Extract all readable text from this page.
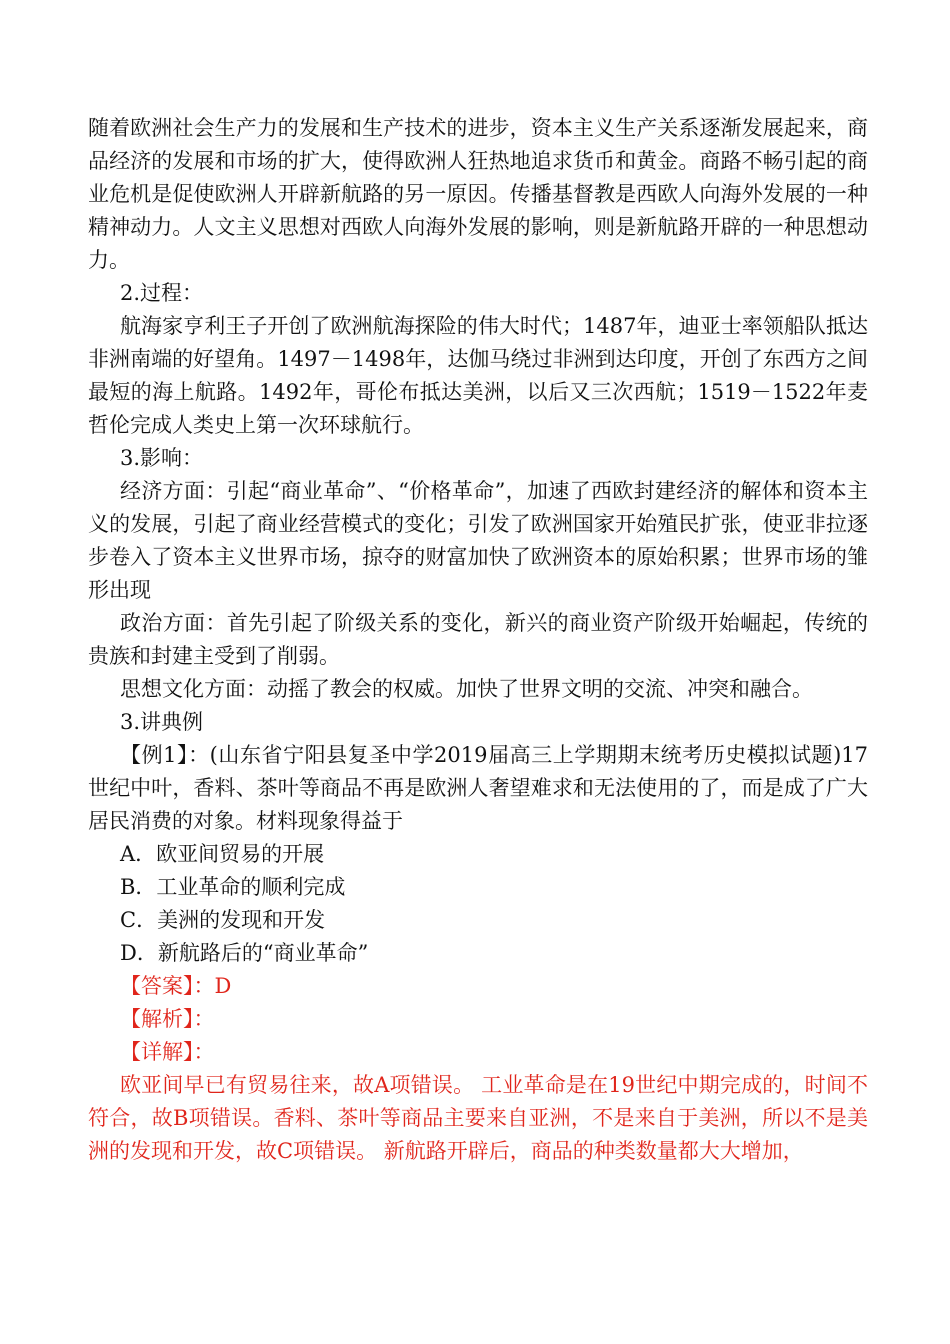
随着欧洲社会生产力的发展和生产技术的进步，资本主义生产关系逐渐发展起来，商品经济的发展和市场的扩大，使得欧洲人狂热地追求货币和黄金。商路不畅引起的商业危机是促使欧洲人开辟新航路的另一原因。传播基督教是西欧人向海外发展的一种精神动力。人文主义思想对西欧人向海外发展的影响，则是新航路开辟的一种思想动力。

2.过程：

航海家亨利王子开创了欧洲航海探险的伟大时代；1487年，迪亚士率领船队抵达非洲南端的好望角。1497－1498年，达伽马绕过非洲到达印度，开创了东西方之间最短的海上航路。1492年，哥伦布抵达美洲，以后又三次西航；1519－1522年麦哲伦完成人类史上第一次环球航行。

3.影响：

经济方面：引起“商业革命”、“价格革命”，加速了西欧封建经济的解体和资本主义的发展，引起了商业经营模式的变化；引发了欧洲国家开始殖民扩张，使亚非拉逐步卷入了资本主义世界市场，掠夺的财富加快了欧洲资本的原始积累；世界市场的雏形出现

政治方面：首先引起了阶级关系的变化，新兴的商业资产阶级开始崛起，传统的贵族和封建主受到了削弱。

思想文化方面：动摇了教会的权威。加快了世界文明的交流、冲突和融合。

3.讲典例

【例1】：(山东省宁阳县复圣中学2019届高三上学期期末统考历史模拟试题)17世纪中叶，香料、茶叶等商品不再是欧洲人奢望难求和无法使用的了，而是成了广大居民消费的对象。材料现象得益于

A．欧亚间贸易的开展

B．工业革命的顺利完成

C．美洲的发现和开发

D．新航路后的“商业革命”

【答案】：D

【解析】：

【详解】：

欧亚间早已有贸易往来，故A项错误。 工业革命是在19世纪中期完成的，时间不符合，故B项错误。香料、茶叶等商品主要来自亚洲，不是来自于美洲，所以不是美洲的发现和开发，故C项错误。 新航路开辟后，商品的种类数量都大大增加，
